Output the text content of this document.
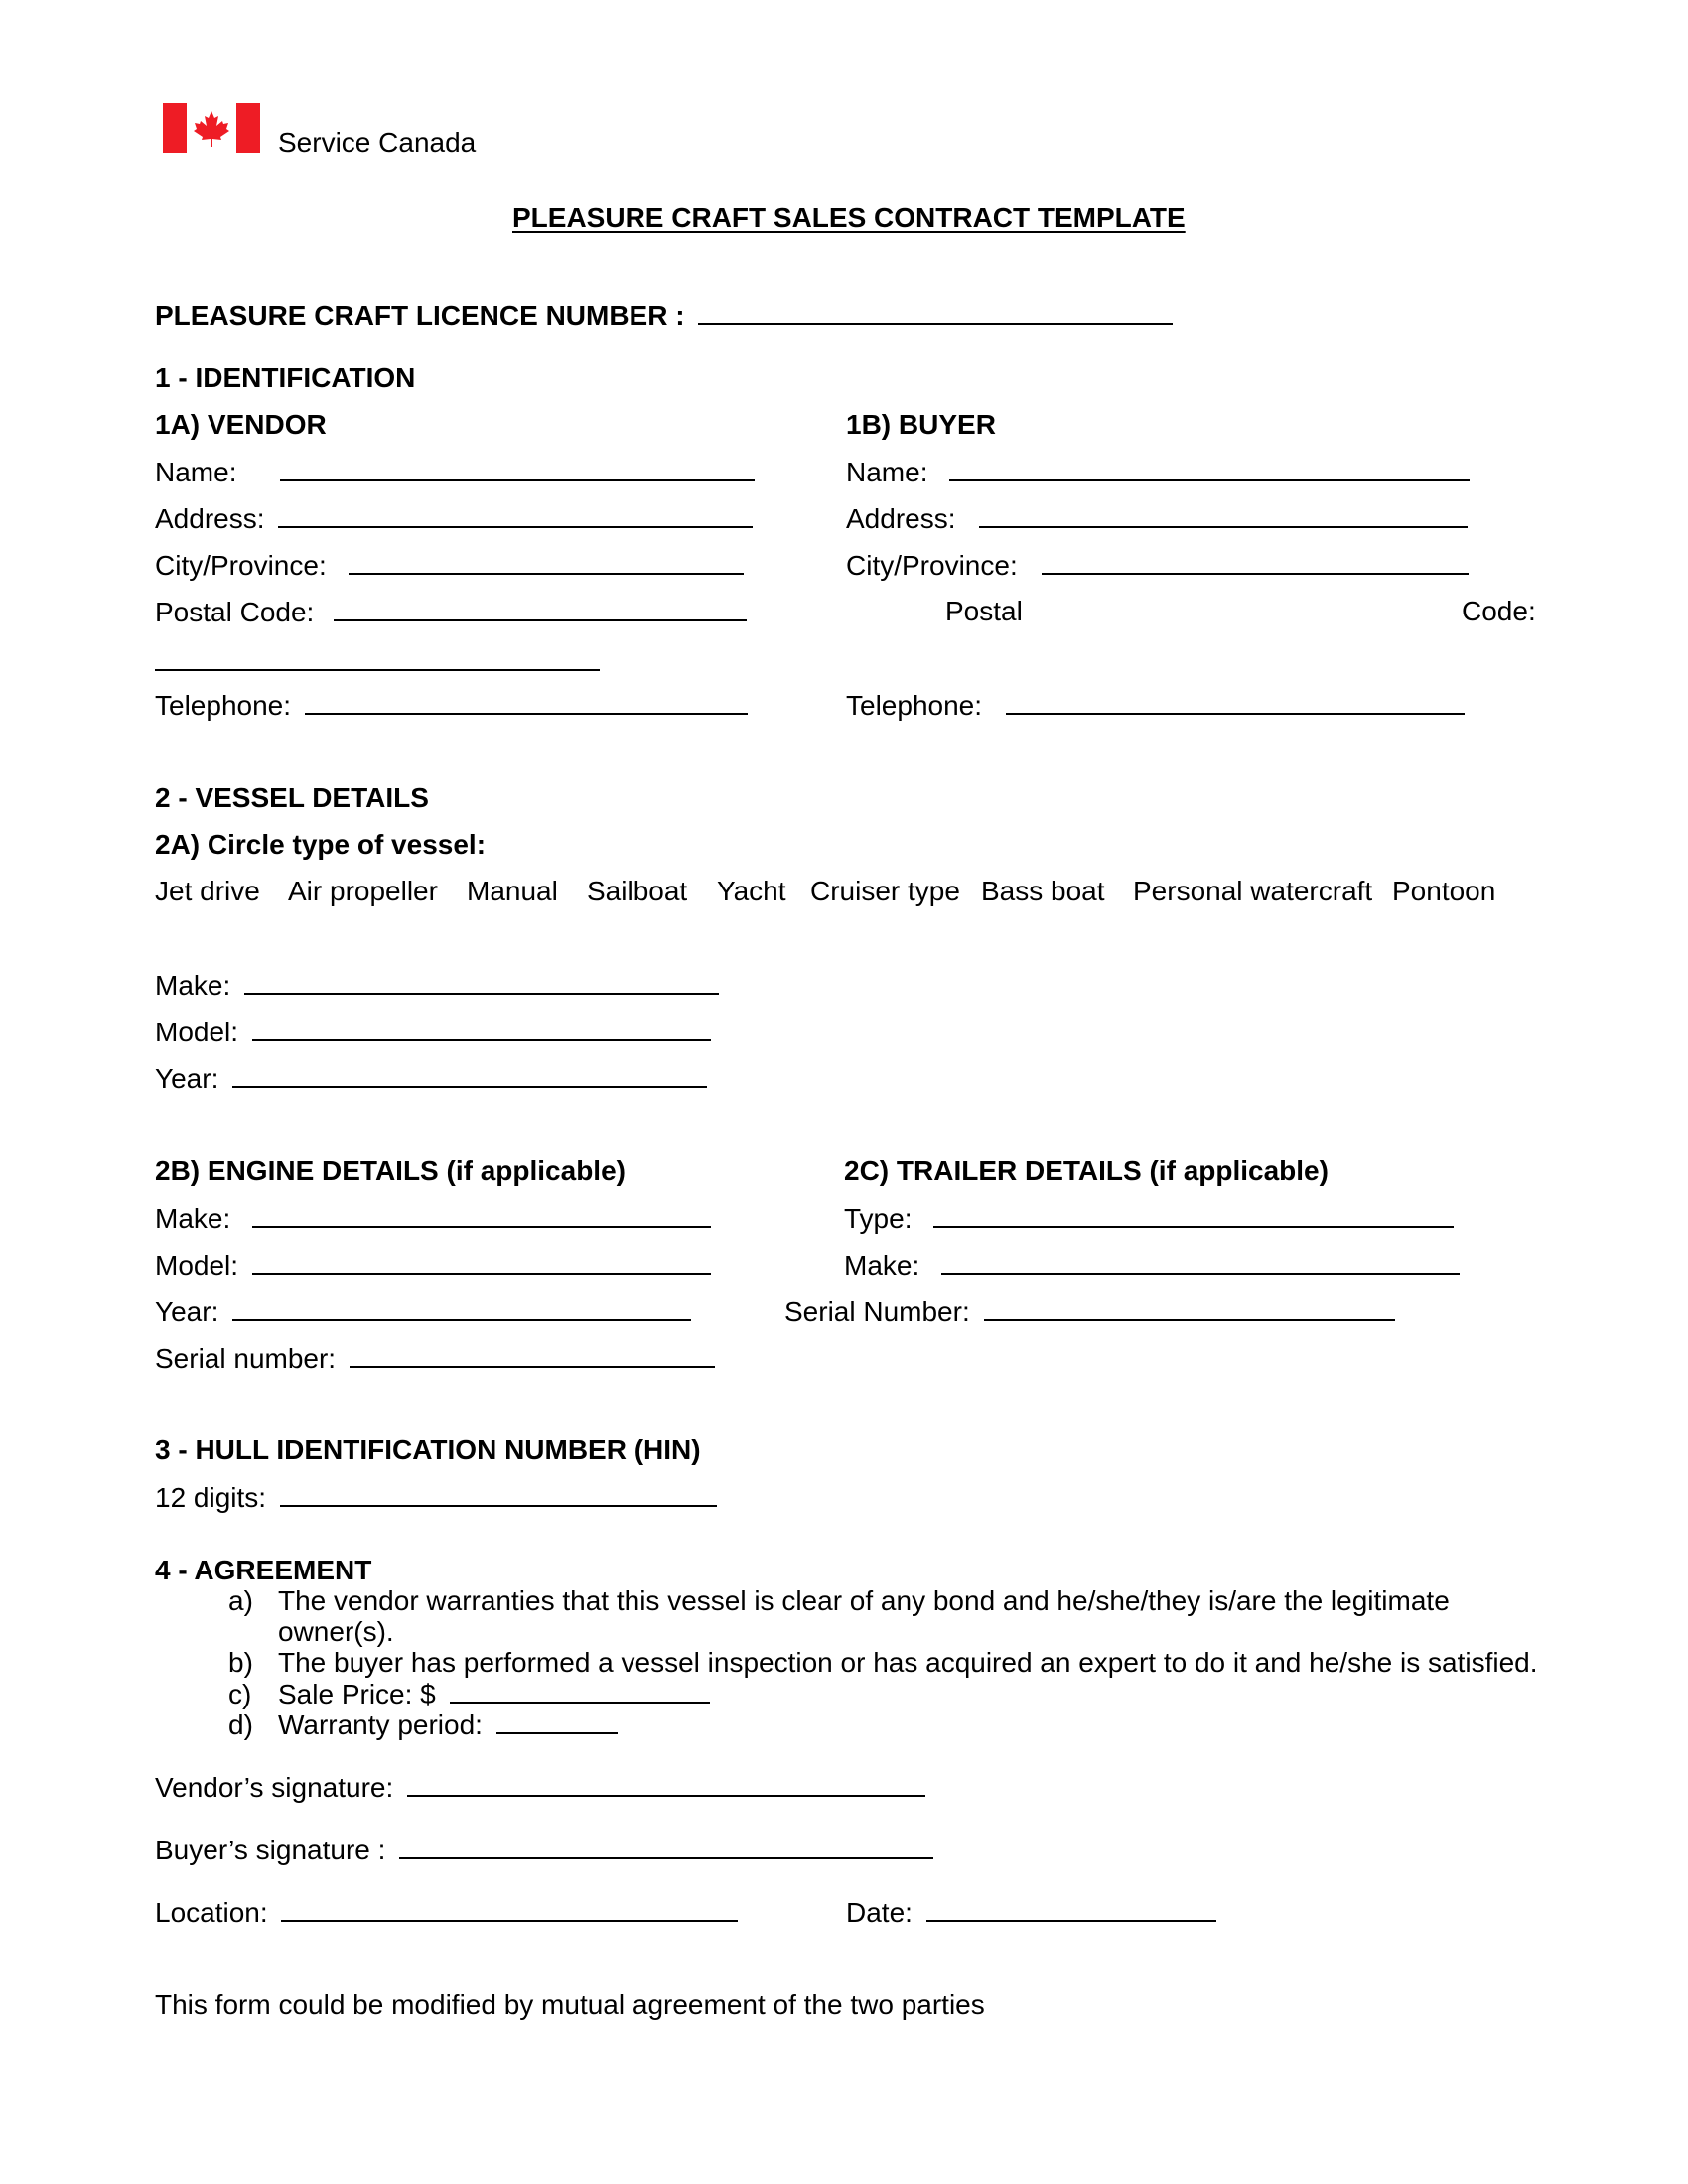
Service Canada
PLEASURE CRAFT SALES CONTRACT TEMPLATE
PLEASURE CRAFT LICENCE NUMBER :
1 - IDENTIFICATION
1A) VENDOR	1B) BUYER
Name:
Address:
City/Province:
Postal Code:
Telephone:
Name:
Address:
City/Province:
Postal	Code:
Telephone:
2 - VESSEL DETAILS
2A) Circle type of vessel:
Jet drive Air propeller Manual Sailboat Yacht Cruiser type Bass boat Personal watercraft Pontoon
Make:
Model:
Year:
2B) ENGINE DETAILS (if applicable)
Make:
Model:
Year:
Serial number:
2C) TRAILER DETAILS (if applicable)
Type:
Make:
Serial Number:
3 - HULL IDENTIFICATION NUMBER (HIN)
12 digits:
4 - AGREEMENT
a) The vendor warranties that this vessel is clear of any bond and he/she/they is/are the legitimate
owner(s).
b) The buyer has performed a vessel inspection or has acquired an expert to do it and he/she is satisfied.
c) Sale Price: $
d) Warranty period:
Vendor’s signature:
Buyer’s signature :
Location:	Date:
This form could be modified by mutual agreement of the two parties
